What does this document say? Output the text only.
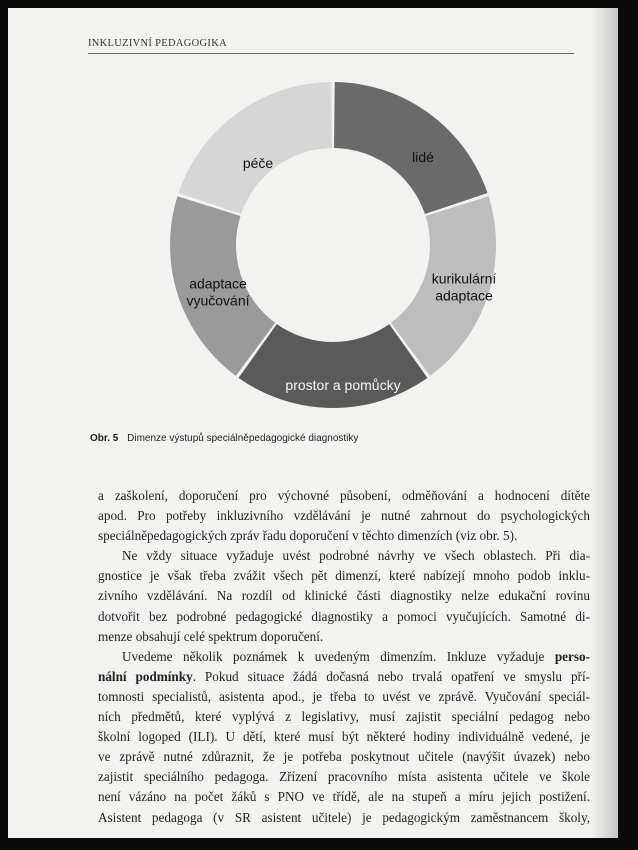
INKLUZIVNÍ PEDAGOGIKA
lidé
kurikulární adaptace
prostor a pomůcky
adaptace vyučování
péče
Obr. 5 Dimenze výstupů speciálněpedagogické diagnostiky
a zaškolení, doporučení pro výchovné působení, odměňování a hodnocení dítěte
apod. Pro potřeby inkluzivního vzdělávání je nutné zahrnout do psychologických
speciálněpedagogických zpráv řadu doporučení v těchto dimenzích (viz obr. 5).
Ne vždy situace vyžaduje uvést podrobné návrhy ve všech oblastech. Při dia-
gnostice je však třeba zvážit všech pět dimenzí, které nabízejí mnoho podob inklu-
zivního vzdělávání. Na rozdíl od klinické části diagnostiky nelze edukační rovinu
dotvořit bez podrobné pedagogické diagnostiky a pomoci vyučujících. Samotné di-
menze obsahují celé spektrum doporučení.
Uvedeme několik poznámek k uvedeným dimenzím. Inkluze vyžaduje perso-
nální podmínky. Pokud situace žádá dočasná nebo trvalá opatření ve smyslu pří-
tomnosti specialistů, asistenta apod., je třeba to uvést ve zprávě. Vyučování speciál-
ních předmětů, které vyplývá z legislativy, musí zajistit speciální pedagog nebo
školní logoped (ILI). U dětí, které musí být některé hodiny individuálně vedené, je
ve zprávě nutné zdůraznit, že je potřeba poskytnout učitele (navýšit úvazek) nebo
zajistit speciálního pedagoga. Zřízení pracovního místa asistenta učitele ve škole
není vázáno na počet žáků s PNO ve třídě, ale na stupeň a míru jejich postižení.
Asistent pedagoga (v SR asistent učitele) je pedagogickým zaměstnancem školy,
